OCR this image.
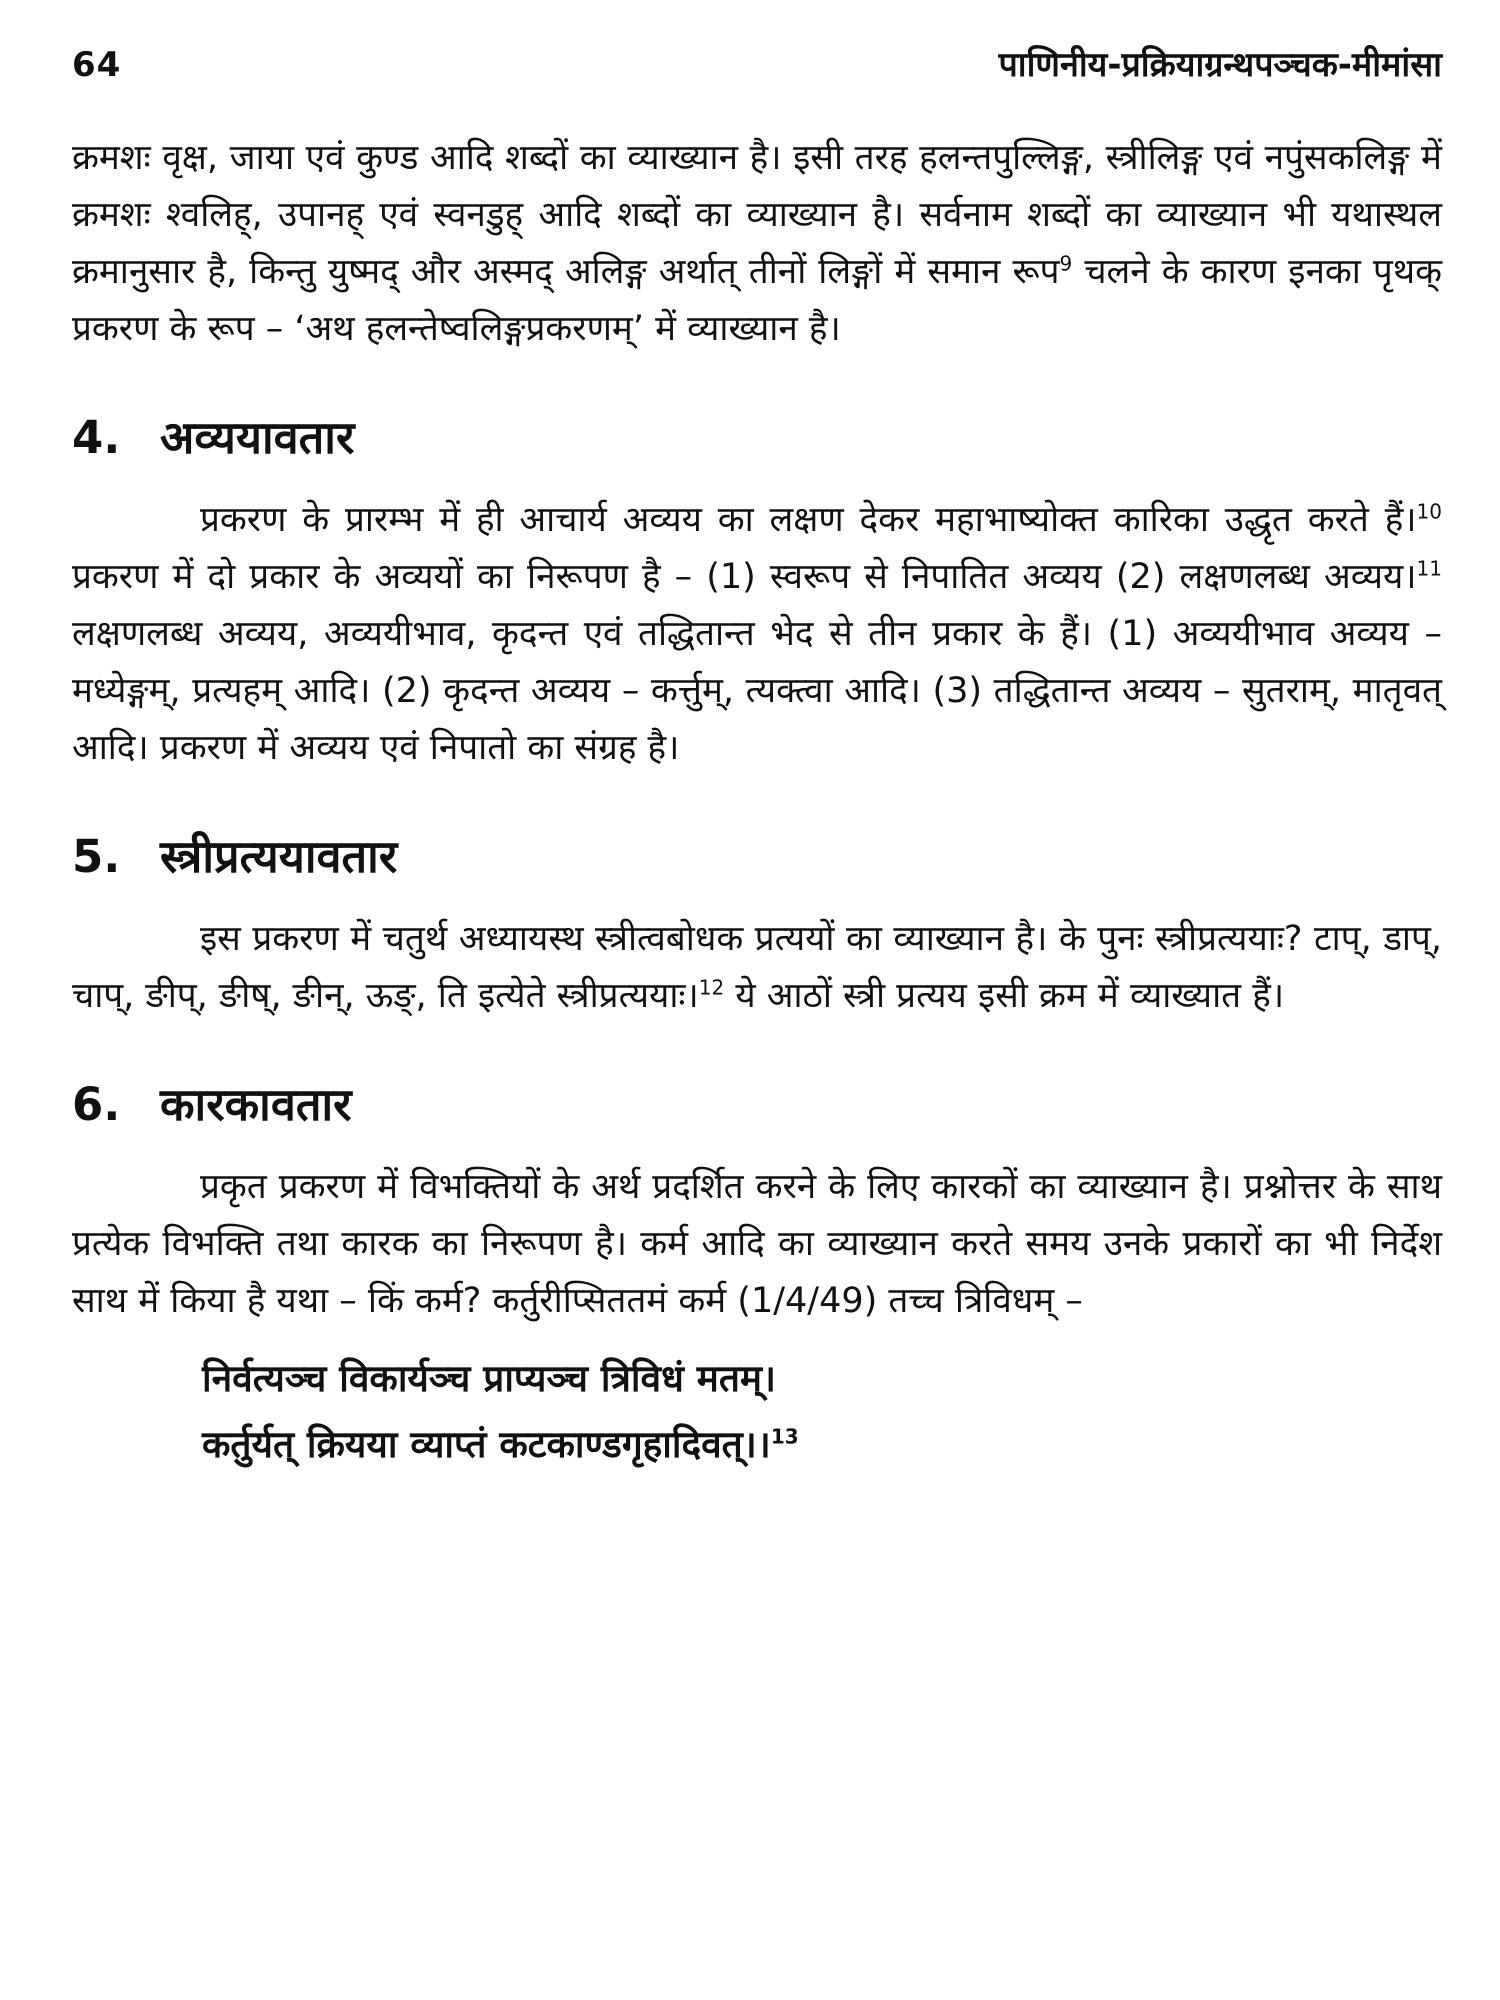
64	पाणिनीय-प्रक्रियाग्रन्थपञ्चक-मीमांसा

क्रमशः वृक्ष, जाया एवं कुण्ड आदि शब्दों का व्याख्यान है। इसी तरह हलन्तपुल्लिङ्ग, स्त्रीलिङ्ग एवं नपुंसकलिङ्ग में क्रमशः श्वलिह्, उपानह् एवं स्वनडुह् आदि शब्दों का व्याख्यान है। सर्वनाम शब्दों का व्याख्यान भी यथास्थल क्रमानुसार है, किन्तु युष्मद् और अस्मद् अलिङ्ग अर्थात् तीनों लिङ्गों में समान रूप$^9$ चलने के कारण इनका पृथक् प्रकरण के रूप – ‘अथ हलन्तेष्वलिङ्गप्रकरणम्’ में व्याख्यान है।

4. अव्ययावतार

प्रकरण के प्रारम्भ में ही आचार्य अव्यय का लक्षण देकर महाभाष्योक्त कारिका उद्धृत करते हैं।$^{10}$ प्रकरण में दो प्रकार के अव्ययों का निरूपण है – (1) स्वरूप से निपातित अव्यय (2) लक्षणलब्ध अव्यय।$^{11}$ लक्षणलब्ध अव्यय, अव्ययीभाव, कृदन्त एवं तद्धितान्त भेद से तीन प्रकार के हैं। (1) अव्ययीभाव अव्यय – मध्येङ्गम्, प्रत्यहम् आदि। (2) कृदन्त अव्यय – कर्त्तुम्, त्यक्त्वा आदि। (3) तद्धितान्त अव्यय – सुतराम्, मातृवत् आदि। प्रकरण में अव्यय एवं निपातो का संग्रह है।

5. स्त्रीप्रत्ययावतार

इस प्रकरण में चतुर्थ अध्यायस्थ स्त्रीत्वबोधक प्रत्ययों का व्याख्यान है। के पुनः स्त्रीप्रत्ययाः? टाप्, डाप्, चाप्, ङीप्, ङीष्, ङीन्, ऊङ्, ति इत्येते स्त्रीप्रत्ययाः।$^{12}$ ये आठों स्त्री प्रत्यय इसी क्रम में व्याख्यात हैं।

6. कारकावतार

प्रकृत प्रकरण में विभक्तियों के अर्थ प्रदर्शित करने के लिए कारकों का व्याख्यान है। प्रश्नोत्तर के साथ प्रत्येक विभक्ति तथा कारक का निरूपण है। कर्म आदि का व्याख्यान करते समय उनके प्रकारों का भी निर्देश साथ में किया है यथा – किं कर्म? कर्तुरीप्सिततमं कर्म (1/4/49) तच्च त्रिविधम् –

निर्वत्यञ्च विकार्यञ्च प्राप्यञ्च त्रिविधं मतम्।
कर्तुर्यत् क्रियया व्याप्तं कटकाण्डगृहादिवत्।।$^{13}$
